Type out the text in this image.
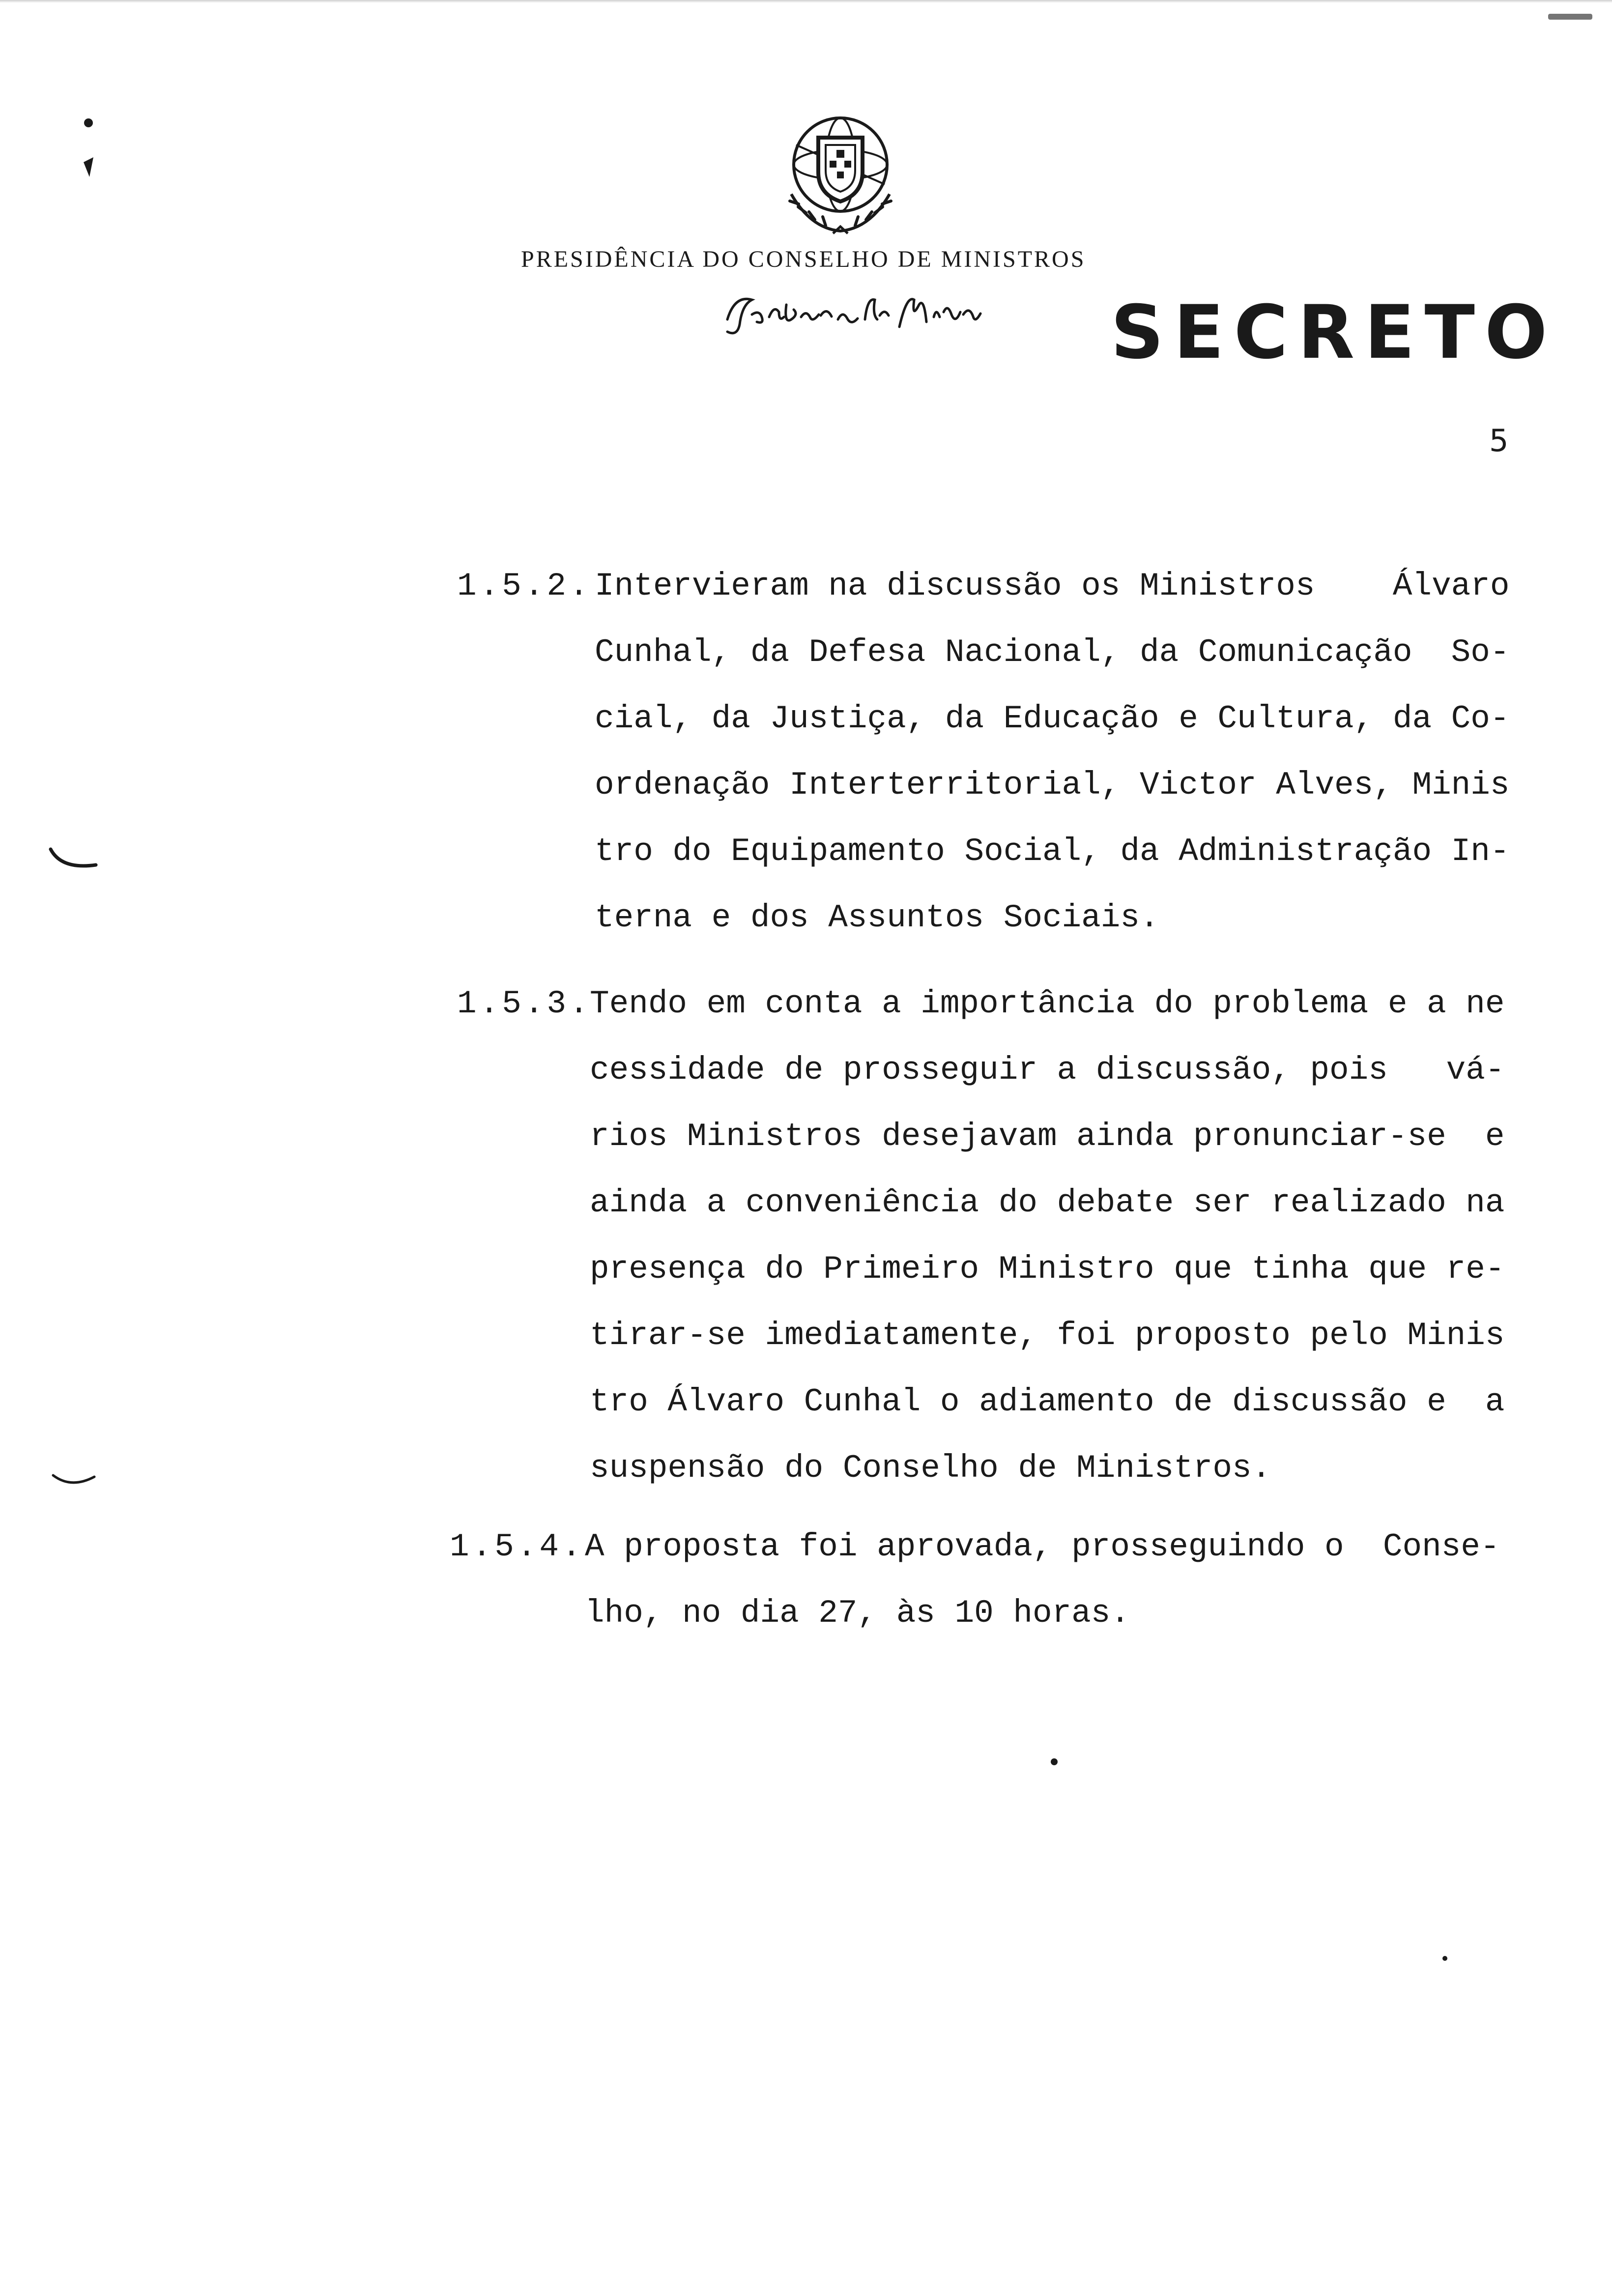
PRESIDÊNCIA DO CONSELHO DE MINISTROS
SECRETO
5
1.5.2. Intervieram na discussão os Ministros    Álvaro
Cunhal, da Defesa Nacional, da Comunicação  So-
cial, da Justiça, da Educação e Cultura, da Co-
ordenação Interterritorial, Victor Alves, Minis
tro do Equipamento Social, da Administração In-
terna e dos Assuntos Sociais.
1.5.3.
Tendo em conta a importância do problema e a ne
cessidade de prosseguir a discussão, pois   vá-
rios Ministros desejavam ainda pronunciar-se  e
ainda a conveniência do debate ser realizado na
presença do Primeiro Ministro que tinha que re-
tirar-se imediatamente, foi proposto pelo Minis
tro Álvaro Cunhal o adiamento de discussão e  a
suspensão do Conselho de Ministros.
1.5.4. A proposta foi aprovada, prosseguindo o  Conse-
lho, no dia 27, às 10 horas.
